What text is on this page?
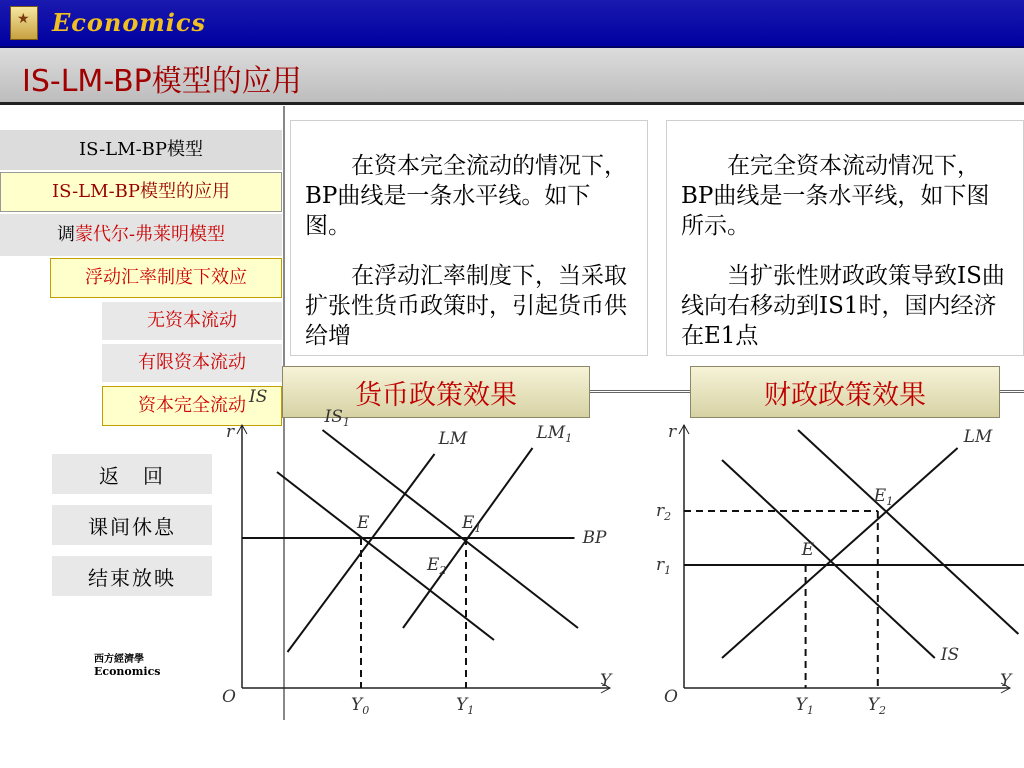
★ Economics
IS-LM-BP模型的应用
IS-LM-BP模型
IS-LM-BP模型的应用
调 蒙代尔-弗莱明模型
浮动汇率制度下效应
无资本流动
有限资本流动
资本完全流动
返　回
课间休息
结束放映
西方經濟學
Economics

在资本完全流动的情况下，BP曲线是一条水平线。如下图。

在浮动汇率制度下，当采取扩张性货币政策时，引起货币供给增

在完全资本流动情况下，BP曲线是一条水平线，如下图所示。

当扩张性财政政策导致IS曲线向右移动到IS1时，国内经济在E1点

货币政策效果	财政政策效果
r
Y
O
IS
$IS_1$
LM	$LM_1$
BP
E	$E_1$
$E_2$
$Y_0$	$Y_1$
r
Y
O
LM
IS
E
$E_1$
$Y_1$	$Y_2$
$r_1$
$r_2$
